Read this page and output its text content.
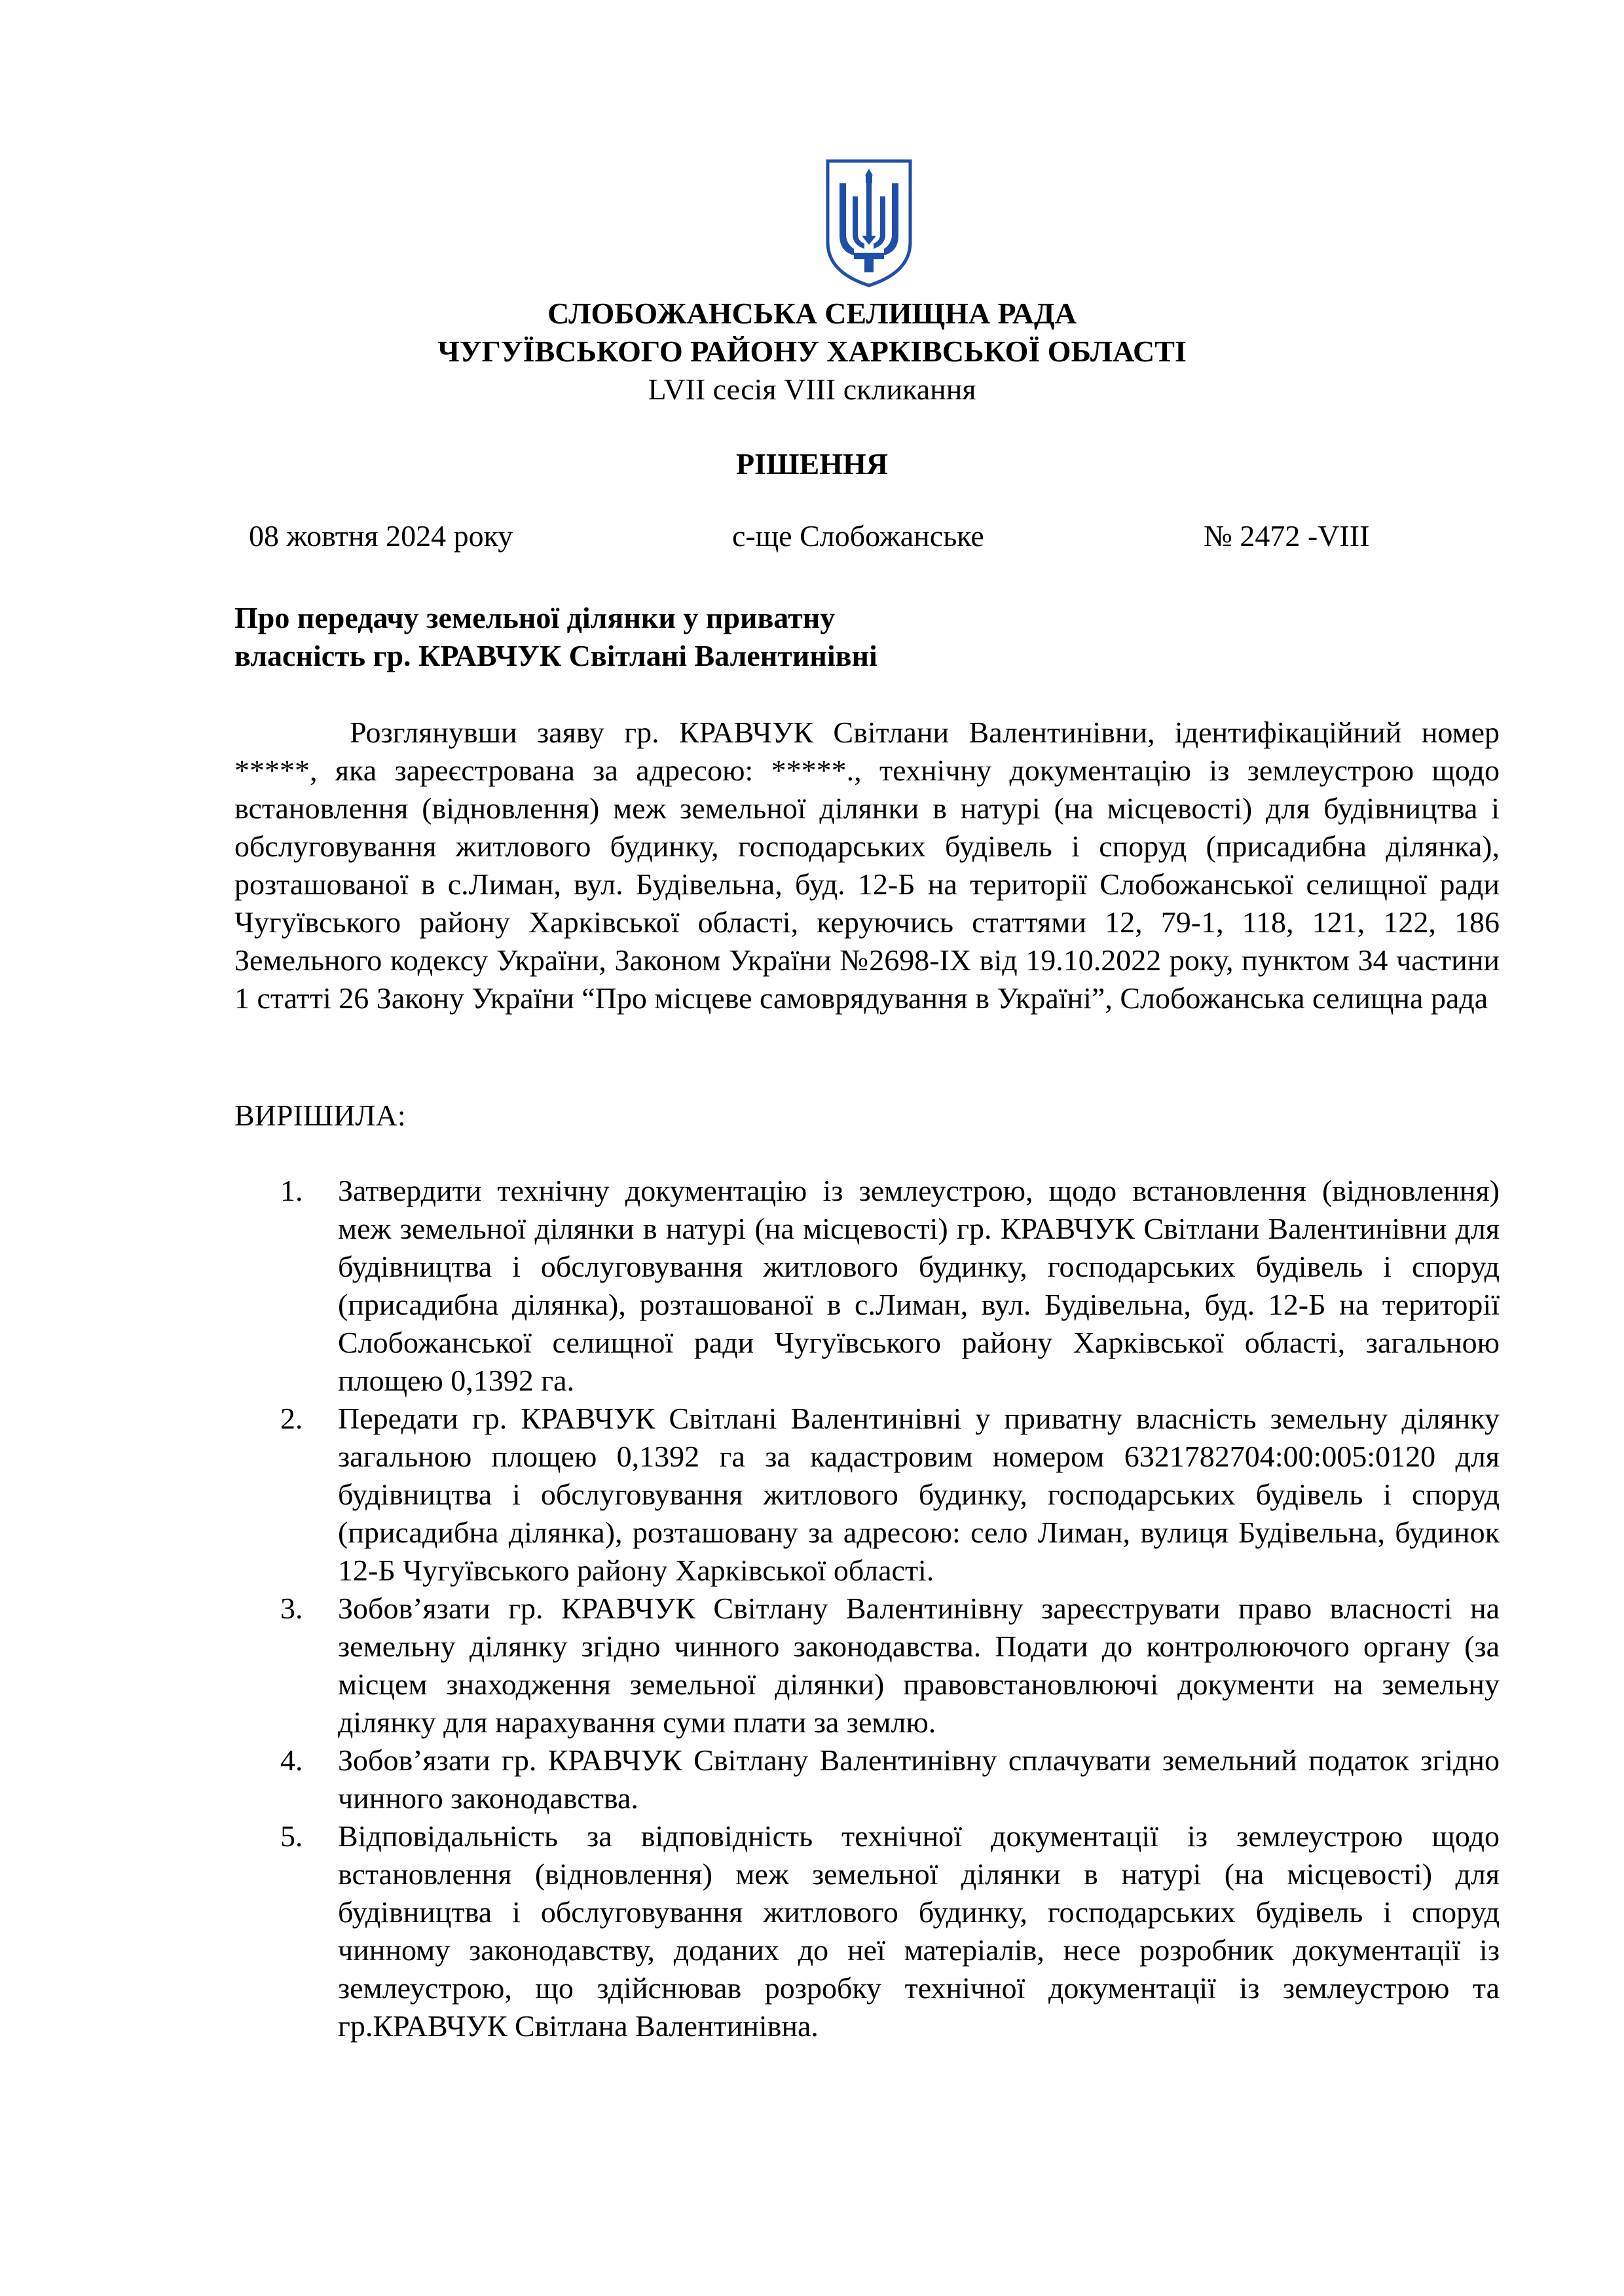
СЛОБОЖАНСЬКА СЕЛИЩНА РАДА
ЧУГУЇВСЬКОГО РАЙОНУ ХАРКІВСЬКОЇ ОБЛАСТІ
LVII сесія VIII скликання
РІШЕННЯ
08 жовтня 2024 року	с-ще Слобожанське	№ 2472 -VIII
Про передачу земельної ділянки у приватну
власність гр. КРАВЧУК Світлані Валентинівні

Розглянувши заяву гр. КРАВЧУК Світлани Валентинівни, ідентифікаційний номер *****, яка зареєстрована за адресою: *****., технічну документацію із землеустрою щодо встановлення (відновлення) меж земельної ділянки в натурі (на місцевості) для будівництва і обслуговування житлового будинку, господарських будівель і споруд (присадибна ділянка), розташованої в с.Лиман, вул. Будівельна, буд. 12-Б на території Слобожанської селищної ради Чугуївського району Харківської області, керуючись статтями 12, 79-1, 118, 121, 122, 186 Земельного кодексу України, Законом України №2698-IX від 19.10.2022 року, пунктом 34 частини 1 статті 26 Закону України “Про місцеве самоврядування в Україні”, Слобожанська селищна рада

ВИРІШИЛА:
1. Затвердити технічну документацію із землеустрою, щодо встановлення (відновлення) меж земельної ділянки в натурі (на місцевості) гр. КРАВЧУК Світлани Валентинівни для будівництва і обслуговування житлового будинку, господарських будівель і споруд (присадибна ділянка), розташованої в с.Лиман, вул. Будівельна, буд. 12-Б на території Слобожанської селищної ради Чугуївського району Харківської області, загальною площею 0,1392 га.
2. Передати гр. КРАВЧУК Світлані Валентинівні у приватну власність земельну ділянку загальною площею 0,1392 га за кадастровим номером 6321782704:00:005:0120 для будівництва і обслуговування житлового будинку, господарських будівель і споруд (присадибна ділянка), розташовану за адресою: село Лиман, вулиця Будівельна, будинок 12-Б Чугуївського району Харківської області.
3. Зобов’язати гр. КРАВЧУК Світлану Валентинівну зареєструвати право власності на земельну ділянку згідно чинного законодавства. Подати до контролюючого органу (за місцем знаходження земельної ділянки) правовстановлюючі документи на земельну ділянку для нарахування суми плати за землю.
4. Зобов’язати гр. КРАВЧУК Світлану Валентинівну сплачувати земельний податок згідно чинного законодавства.
5. Відповідальність за відповідність технічної документації із землеустрою щодо встановлення (відновлення) меж земельної ділянки в натурі (на місцевості) для будівництва і обслуговування житлового будинку, господарських будівель і споруд чинному законодавству, доданих до неї матеріалів, несе розробник документації із землеустрою, що здійснював розробку технічної документації із землеустрою та гр.КРАВЧУК Світлана Валентинівна.
